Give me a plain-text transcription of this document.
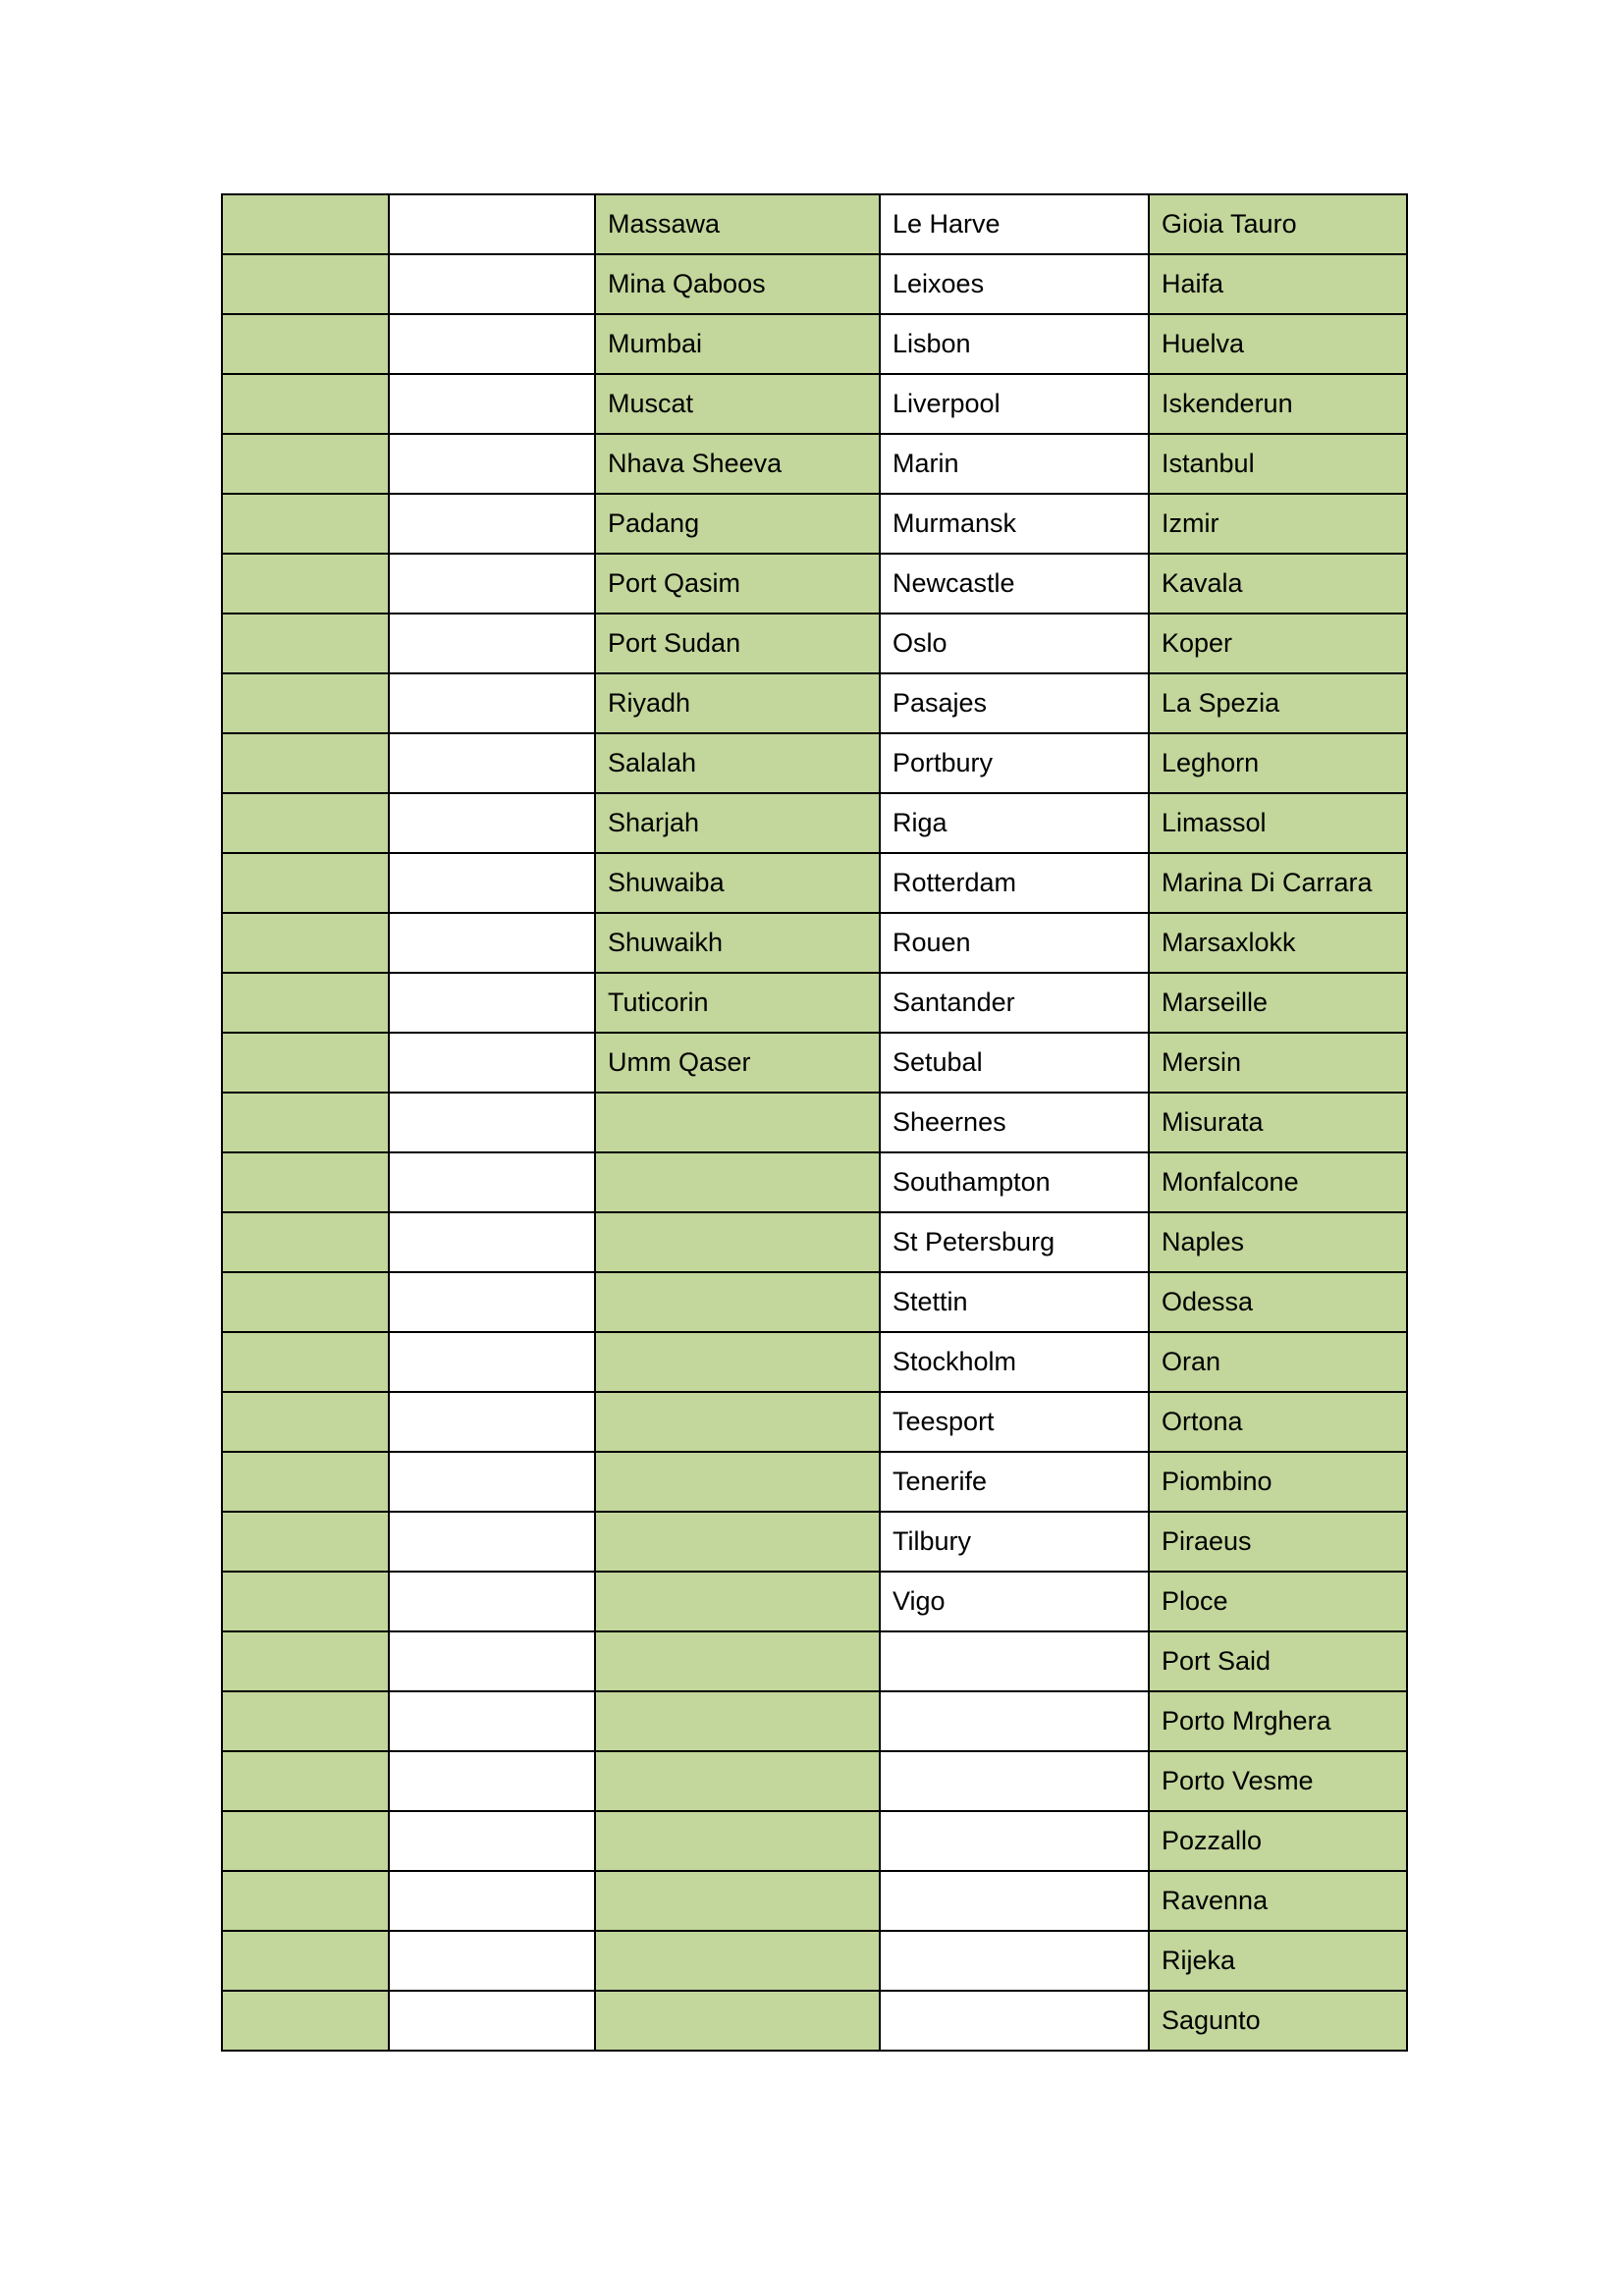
		Massawa	Le Harve	Gioia Tauro
		Mina Qaboos	Leixoes	Haifa
		Mumbai	Lisbon	Huelva
		Muscat	Liverpool	Iskenderun
		Nhava Sheeva	Marin	Istanbul
		Padang	Murmansk	Izmir
		Port Qasim	Newcastle	Kavala
		Port Sudan	Oslo	Koper
		Riyadh	Pasajes	La Spezia
		Salalah	Portbury	Leghorn
		Sharjah	Riga	Limassol
		Shuwaiba	Rotterdam	Marina Di Carrara
		Shuwaikh	Rouen	Marsaxlokk
		Tuticorin	Santander	Marseille
		Umm Qaser	Setubal	Mersin
			Sheernes	Misurata
			Southampton	Monfalcone
			St Petersburg	Naples
			Stettin	Odessa
			Stockholm	Oran
			Teesport	Ortona
			Tenerife	Piombino
			Tilbury	Piraeus
			Vigo	Ploce
				Port Said
				Porto Mrghera
				Porto Vesme
				Pozzallo
				Ravenna
				Rijeka
				Sagunto
